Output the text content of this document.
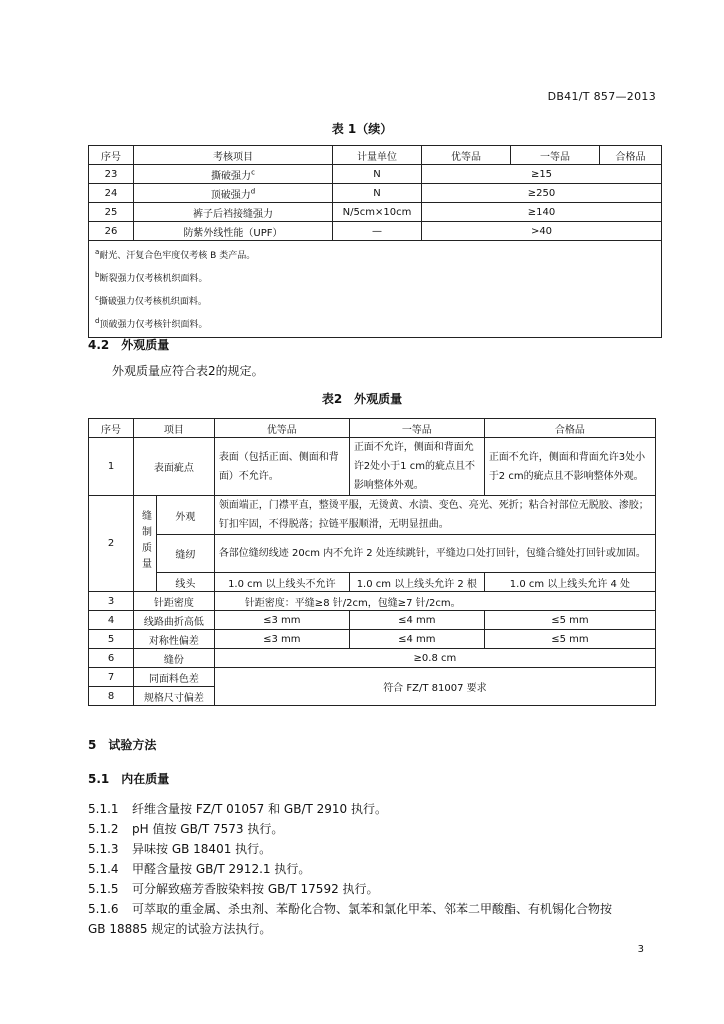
DB41/T 857—2013
表 1（续）
序号	考核项目	计量单位	优等品	一等品	合格品
23	撕破强力$^c$	N	≥15		
24	顶破强力$^d$	N	≥250		
25	裤子后裆接缝强力	N/5cm×10cm	≥140		
26	防紫外线性能（UPF）	—	>40		

$^a$耐光、汗复合色牢度仅考核 B 类产品。
$^b$断裂强力仅考核机织面料。
$^c$撕破强力仅考核机织面料。
$^d$顶破强力仅考核针织面料。					
4.2　外观质量
外观质量应符合表2的规定。
表2　外观质量
序号	项目		优等品	一等品	合格品
1	表面疵点		表面（包括正面、侧面和背面）不允许。	正面不允许，侧面和背面允许2处小于1 cm的疵点且不影响整体外观。	正面不允许，侧面和背面允许3处小于2 cm的疵点且不影响整体外观。
2	缝制质量	外观	领面端正，门襟平直，整烫平服，无烫黄、水渍、变色、亮光、死折；粘合衬部位无脱胶、渗胶；钉扣牢固，不得脱落；拉链平服顺滑，无明显扭曲。		
		缝纫	各部位缝纫线迹 20cm 内不允许 2 处连续跳针，平缝边口处打回针，包缝合缝处打回针或加固。		
		线头	1.0 cm 以上线头不允许	1.0 cm 以上线头允许 2 根	1.0 cm 以上线头允许 4 处
3	针距密度		针距密度：平缝≥8 针/2cm，包缝≥7 针/2cm。		
4	线路曲折高低		≤3 mm	≤4 mm	≤5 mm
5	对称性偏差		≤3 mm	≤4 mm	≤5 mm
6	缝份		≥0.8 cm		
7	同面料色差		符合 FZ/T 81007 要求		
8	规格尺寸偏差				
5　试验方法
5.1　内在质量
5.1.1 纤维含量按 FZ/T 01057 和 GB/T 2910 执行。
5.1.2 pH 值按 GB/T 7573 执行。
5.1.3 异味按 GB 18401 执行。
5.1.4 甲醛含量按 GB/T 2912.1 执行。
5.1.5 可分解致癌芳香胺染料按 GB/T 17592 执行。
5.1.6 可萃取的重金属、杀虫剂、苯酚化合物、氯苯和氯化甲苯、邻苯二甲酸酯、有机锡化合物按
GB 18885 规定的试验方法执行。
3
